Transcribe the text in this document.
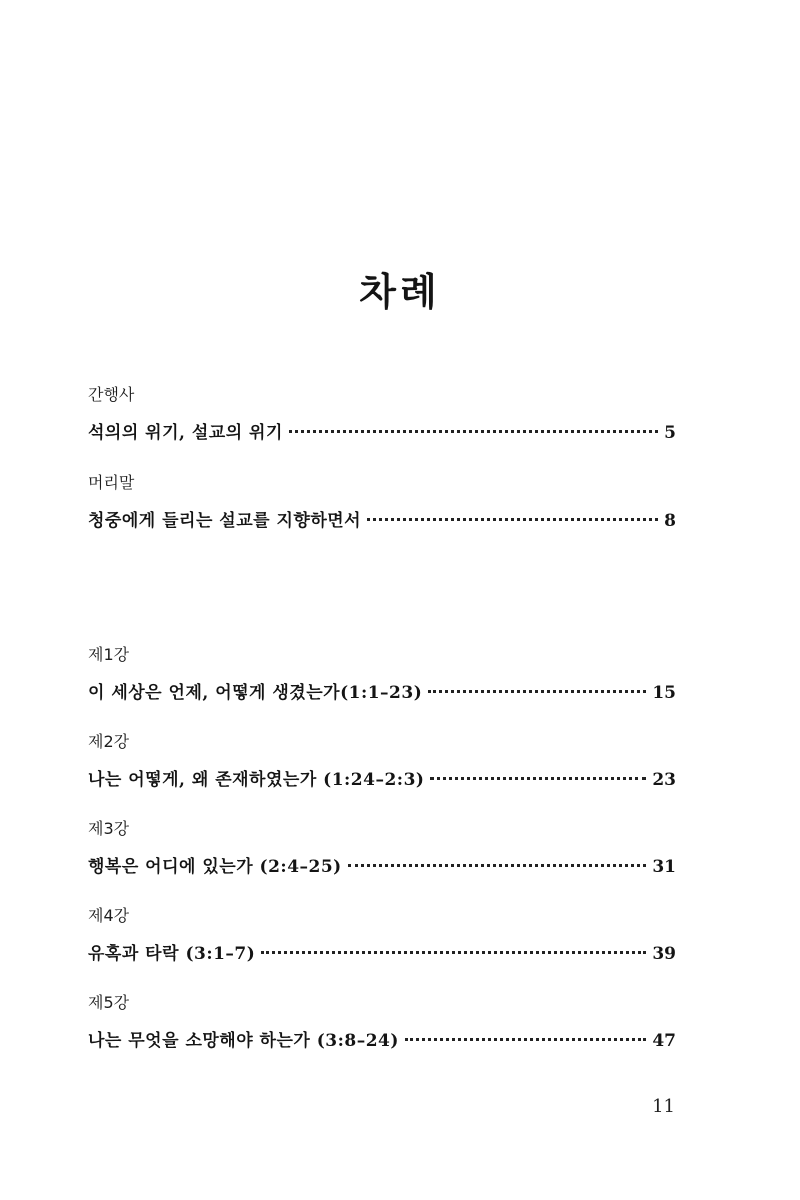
차례
간행사
석의의 위기, 설교의 위기	5
머리말
청중에게 들리는 설교를 지향하면서	8
제1강
이 세상은 언제, 어떻게 생겼는가(1:1–23)	15
제2강
나는 어떻게, 왜 존재하였는가 (1:24–2:3)	23
제3강
행복은 어디에 있는가 (2:4–25)	31
제4강
유혹과 타락 (3:1–7)	39
제5강
나는 무엇을 소망해야 하는가 (3:8–24)	47
11
